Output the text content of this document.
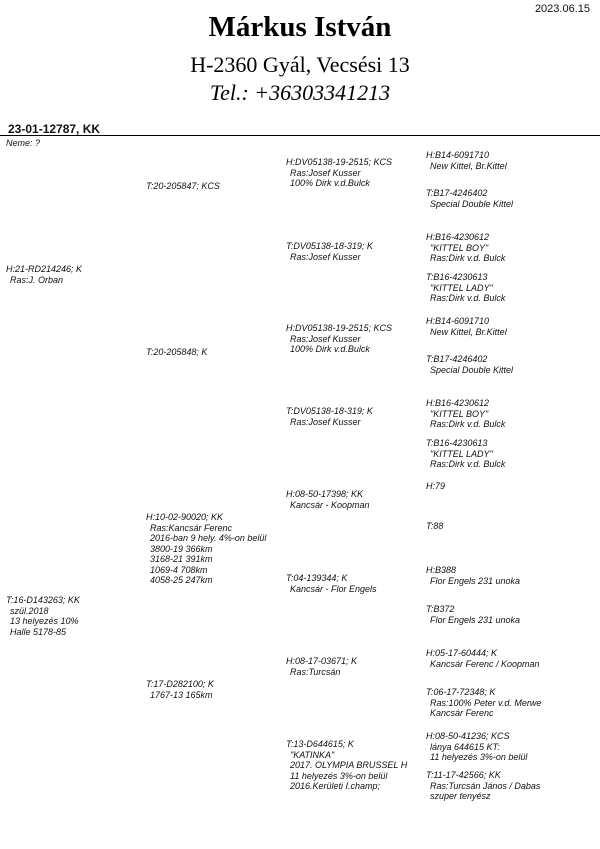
2023.06.15
Márkus István
H-2360 Gyál, Vecsési 13
Tel.: +36303341213
23-01-12787, KK
Neme: ?
H:21-RD214246; K
Ras:J. Orban
T:16-D143263; KK
szül.2018
13 helyezés 10%
Halle 5178-85
T:20-205847; KCS
T:20-205848; K
H:10-02-90020; KK
Ras:Kancsár Ferenc
2016-ban 9 hely. 4%-on belül
3800-19 366km
3168-21 391km
1069-4 708km
4058-25 247km
T:17-D282100; K
1767-13 165km
H:DV05138-19-2515; KCS
Ras:Josef Kusser
100% Dirk v.d.Bulck
T:DV05138-18-319; K
Ras:Josef Kusser
H:DV05138-19-2515; KCS
Ras:Josef Kusser
100% Dirk v.d.Bulck
T:DV05138-18-319; K
Ras:Josef Kusser
H:08-50-17398; KK
Kancsár - Koopman
T:04-139344; K
Kancsár - Flor Engels
H:08-17-03671; K
Ras:Turcsán
T:13-D644615; K
"KATINKA"
2017. OLYMPIA BRUSSEL H
11 helyezés 3%-on belül
2016.Kerületi I.champ;
H:B14-6091710
New Kittel, Br.Kittel
T:B17-4246402
Special Double Kittel
H:B16-4230612
"KITTEL BOY"
Ras:Dirk v.d. Bulck
T:B16-4230613
"KITTEL LADY"
Ras:Dirk v.d. Bulck
H:B14-6091710
New Kittel, Br.Kittel
T:B17-4246402
Special Double Kittel
H:B16-4230612
"KITTEL BOY"
Ras:Dirk v.d. Bulck
T:B16-4230613
"KITTEL LADY"
Ras:Dirk v.d. Bulck
H:79
T:88
H:B388
Flor Engels 231 unoka
T:B372
Flor Engels 231 unoka
H:05-17-60444; K
Kancsár Ferenc / Koopman
T:06-17-72348; K
Ras:100% Peter v.d. Merwe
Kancsár Ferenc
H:08-50-41236; KCS
lánya 644615 KT:
11 helyezés 3%-on belül
T:11-17-42566; KK
Ras:Turcsán János / Dabas
szuper tenyész
